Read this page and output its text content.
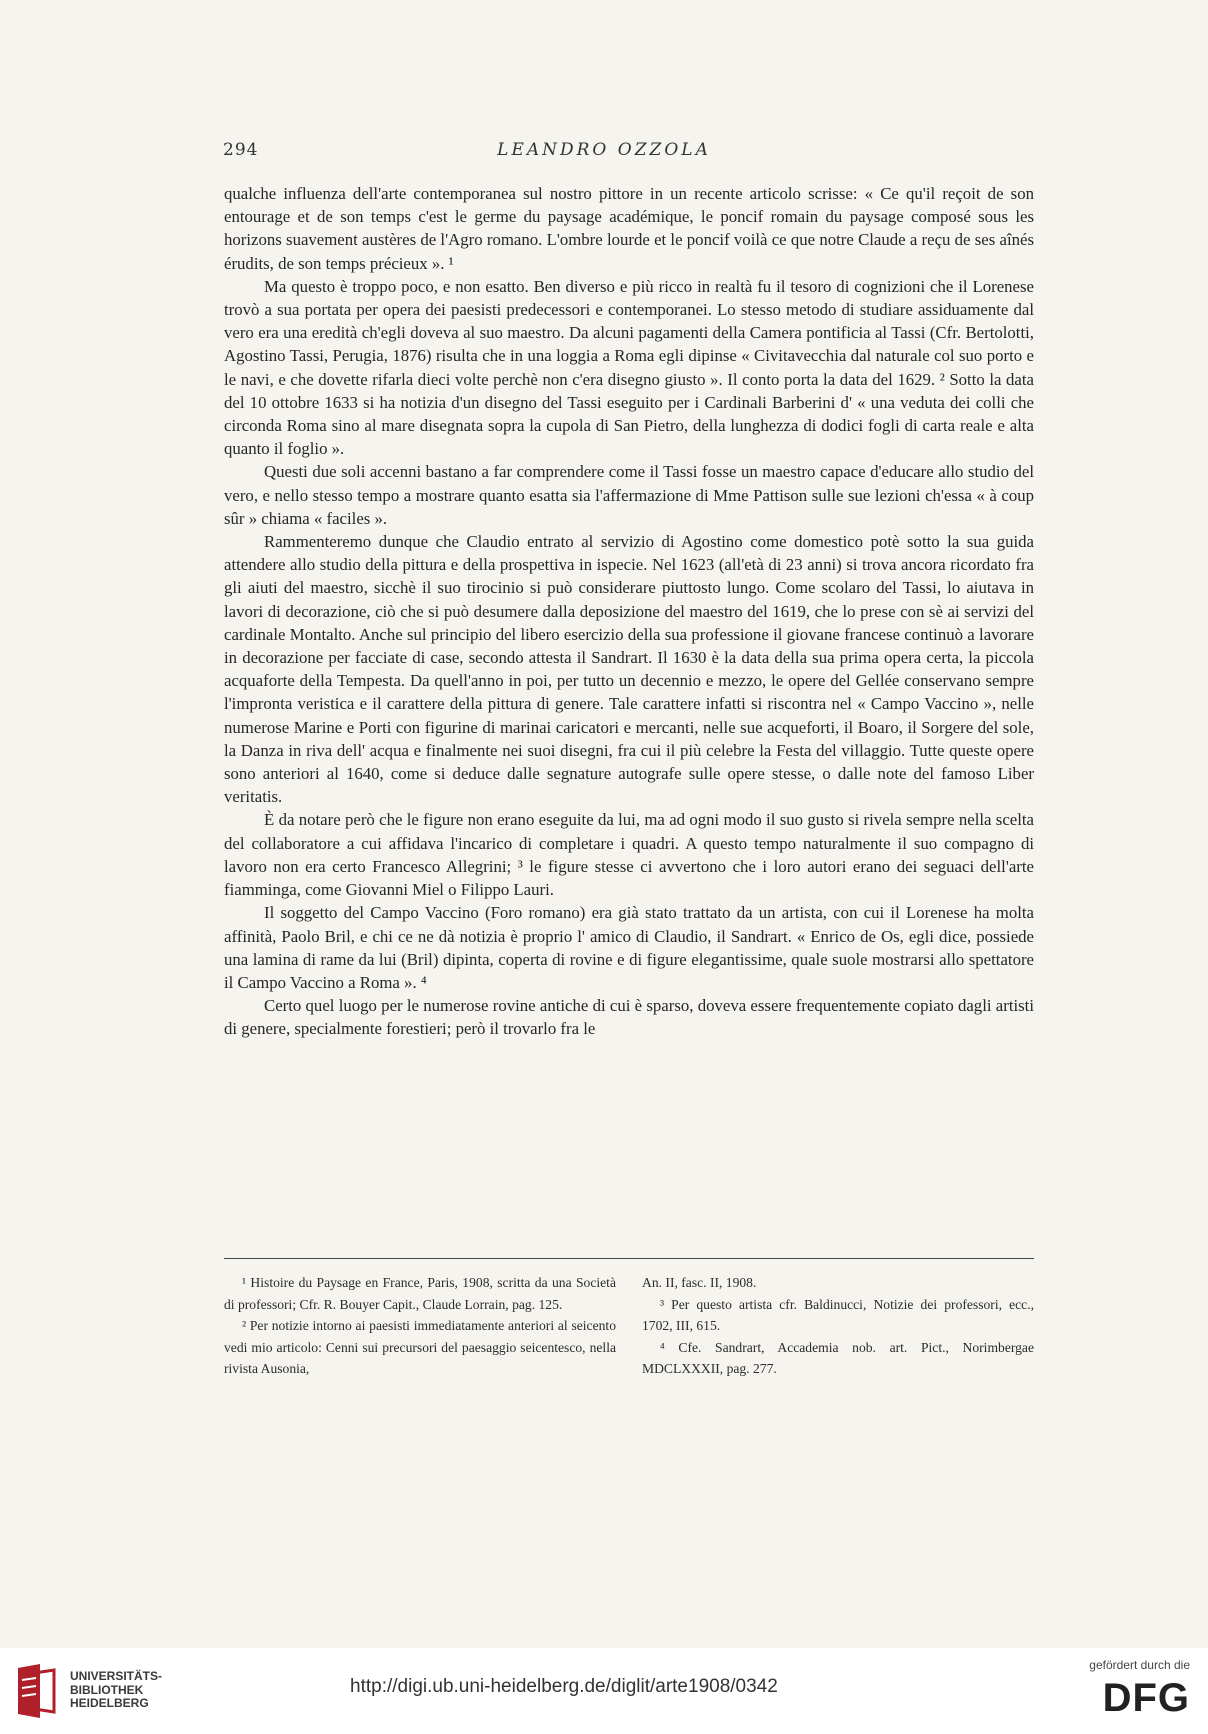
294	LEANDRO OZZOLA

qualche influenza dell'arte contemporanea sul nostro pittore in un recente articolo scrisse: « Ce qu'il reçoit de son entourage et de son temps c'est le germe du paysage académique, le poncif romain du paysage composé sous les horizons suavement austères de l'Agro romano. L'ombre lourde et le poncif voilà ce que notre Claude a reçu de ses aînés érudits, de son temps précieux ». ¹

Ma questo è troppo poco, e non esatto. Ben diverso e più ricco in realtà fu il tesoro di cognizioni che il Lorenese trovò a sua portata per opera dei paesisti predecessori e contemporanei. Lo stesso metodo di studiare assiduamente dal vero era una eredità ch'egli doveva al suo maestro. Da alcuni pagamenti della Camera pontificia al Tassi (Cfr. Bertolotti, Agostino Tassi, Perugia, 1876) risulta che in una loggia a Roma egli dipinse « Civitavecchia dal naturale col suo porto e le navi, e che dovette rifarla dieci volte perchè non c'era disegno giusto ». Il conto porta la data del 1629. ² Sotto la data del 10 ottobre 1633 si ha notizia d'un disegno del Tassi eseguito per i Cardinali Barberini d' « una veduta dei colli che circonda Roma sino al mare disegnata sopra la cupola di San Pietro, della lunghezza di dodici fogli di carta reale e alta quanto il foglio ».

Questi due soli accenni bastano a far comprendere come il Tassi fosse un maestro capace d'educare allo studio del vero, e nello stesso tempo a mostrare quanto esatta sia l'affermazione di Mme Pattison sulle sue lezioni ch'essa « à coup sûr » chiama « faciles ».

Rammenteremo dunque che Claudio entrato al servizio di Agostino come domestico potè sotto la sua guida attendere allo studio della pittura e della prospettiva in ispecie. Nel 1623 (all'età di 23 anni) si trova ancora ricordato fra gli aiuti del maestro, sicchè il suo tirocinio si può considerare piuttosto lungo. Come scolaro del Tassi, lo aiutava in lavori di decorazione, ciò che si può desumere dalla deposizione del maestro del 1619, che lo prese con sè ai servizi del cardinale Montalto. Anche sul principio del libero esercizio della sua professione il giovane francese continuò a lavorare in decorazione per facciate di case, secondo attesta il Sandrart. Il 1630 è la data della sua prima opera certa, la piccola acquaforte della Tempesta. Da quell'anno in poi, per tutto un decennio e mezzo, le opere del Gellée conservano sempre l'impronta veristica e il carattere della pittura di genere. Tale carattere infatti si riscontra nel « Campo Vaccino », nelle numerose Marine e Porti con figurine di marinai caricatori e mercanti, nelle sue acqueforti, il Boaro, il Sorgere del sole, la Danza in riva dell' acqua e finalmente nei suoi disegni, fra cui il più celebre la Festa del villaggio. Tutte queste opere sono anteriori al 1640, come si deduce dalle segnature autografe sulle opere stesse, o dalle note del famoso Liber veritatis.

È da notare però che le figure non erano eseguite da lui, ma ad ogni modo il suo gusto si rivela sempre nella scelta del collaboratore a cui affidava l'incarico di completare i quadri. A questo tempo naturalmente il suo compagno di lavoro non era certo Francesco Allegrini; ³ le figure stesse ci avvertono che i loro autori erano dei seguaci dell'arte fiamminga, come Giovanni Miel o Filippo Lauri.

Il soggetto del Campo Vaccino (Foro romano) era già stato trattato da un artista, con cui il Lorenese ha molta affinità, Paolo Bril, e chi ce ne dà notizia è proprio l' amico di Claudio, il Sandrart. « Enrico de Os, egli dice, possiede una lamina di rame da lui (Bril) dipinta, coperta di rovine e di figure elegantissime, quale suole mostrarsi allo spettatore il Campo Vaccino a Roma ». ⁴

Certo quel luogo per le numerose rovine antiche di cui è sparso, doveva essere frequentemente copiato dagli artisti di genere, specialmente forestieri; però il trovarlo fra le

¹ Histoire du Paysage en France, Paris, 1908, scritta da una Società di professori; Cfr. R. Bouyer Capit., Claude Lorrain, pag. 125.

² Per notizie intorno ai paesisti immediatamente anteriori al seicento vedi mio articolo: Cenni sui precursori del paesaggio seicentesco, nella rivista Ausonia,

An. II, fasc. II, 1908.

³ Per questo artista cfr. Baldinucci, Notizie dei professori, ecc., 1702, III, 615.

⁴ Cfe. Sandrart, Accademia nob. art. Pict., Norimbergae MDCLXXXII, pag. 277.

UNIVERSITÄTS-
BIBLIOTHEK
HEIDELBERG
http://digi.ub.uni-heidelberg.de/diglit/arte1908/0342
gefördert durch die
DFG
